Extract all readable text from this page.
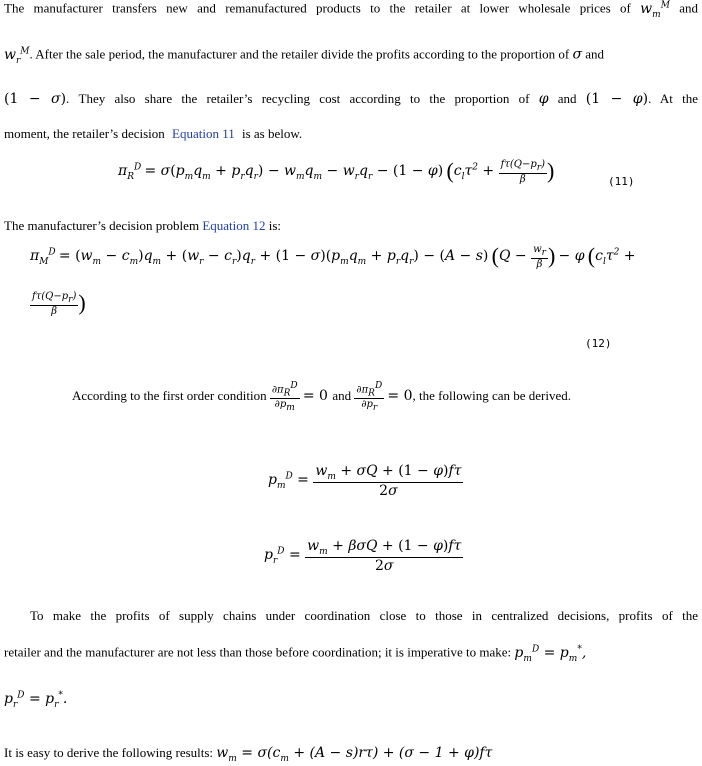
The manufacturer transfers new and remanufactured products to the retailer at lower wholesale prices of $w_m^M$ and
$w_r^M$. After the sale period, the manufacturer and the retailer divide the profits according to the proportion of σ and
(1 − σ). They also share the retailer’s recycling cost according to the proportion of φ and (1 − φ). At the
moment, the retailer’s decision Equation 11 is as below.
$\pi_R^D = \sigma(p_mq_m + p_rq_r) - w_mq_m - w_rq_r - (1 - \varphi) (c_l\tau^2 + \frac{f\tau(Q-p_r)}{\beta}$ )	(11)
The manufacturer’s decision problem Equation 12 is:
$\pi_M^D = (w_m - c_m)q_m + (w_r - c_r)q_r + (1 - \sigma)(p_mq_m + p_rq_r) - (A - s) (Q - \frac{w_r}{\beta}$ ) − φ ($c_l\tau^2$ +
$\frac{f\tau(Q-p_r)}{\beta}$ )
(12)
According to the first order condition $\frac{\partial\pi_R^D}{\partial p_m} = 0$ and $\frac{\partial\pi_R^D}{\partial p_r} = 0$, the following can be derived.
$p_m^D = \frac{w_m + \sigma Q + (1 - \varphi)f\tau}{2\sigma}$
$p_r^D = \frac{w_m + \beta\sigma Q + (1 - \varphi)f\tau}{2\sigma}$
To make the profits of supply chains under coordination close to those in centralized decisions, profits of the
retailer and the manufacturer are not less than those before coordination; it is imperative to make: $p_m^D = p_m^*$,
$p_r^D = p_r^*$.
It is easy to derive the following results: $w_m = \sigma(c_m + (A - s)r\tau) + (\sigma - 1 + \varphi)f\tau$
